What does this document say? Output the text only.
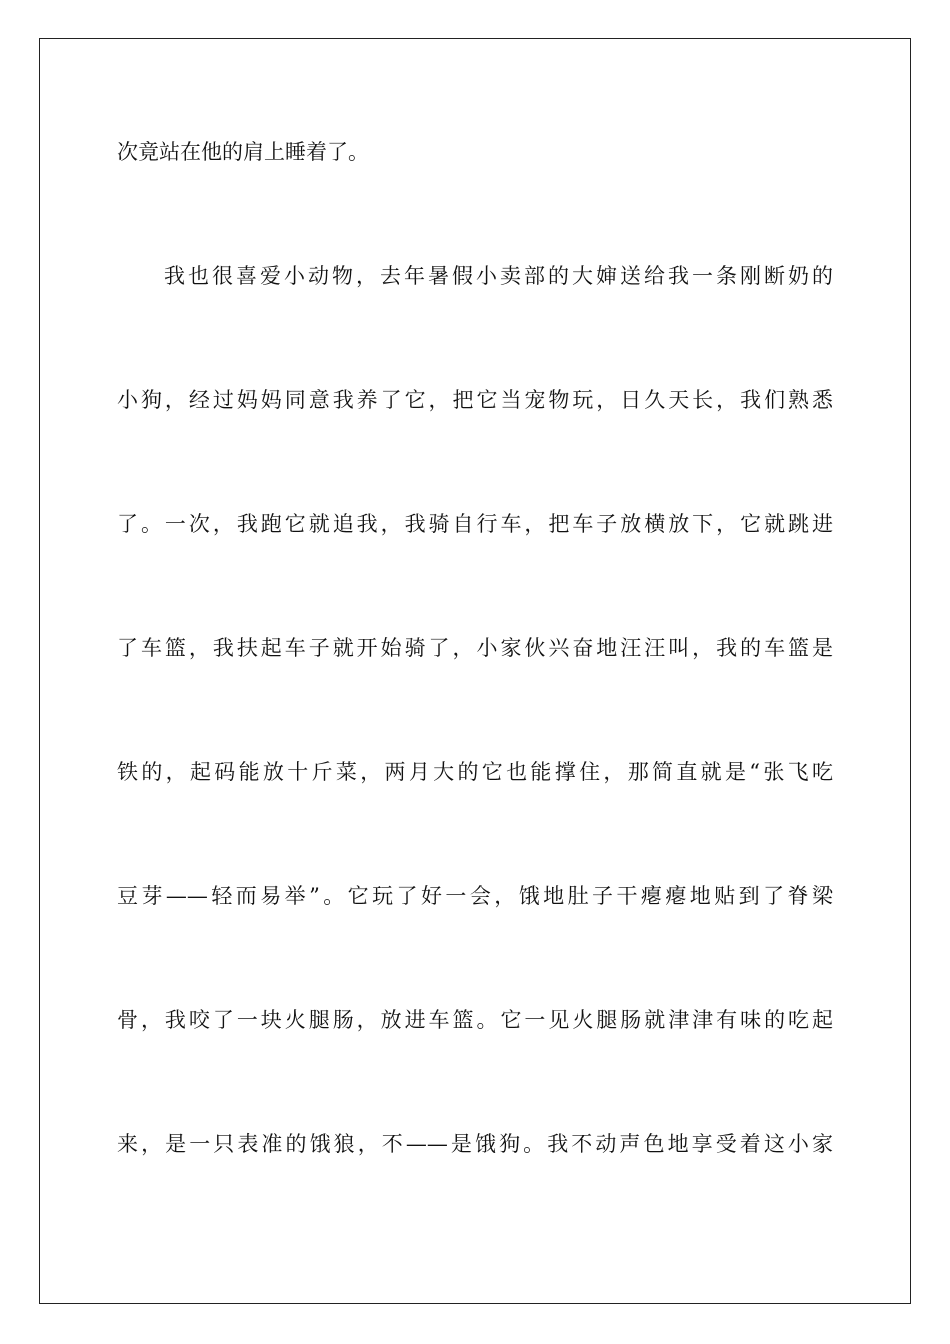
次竟站在他的肩上睡着了。
我也很喜爱小动物，去年暑假小卖部的大婶送给我一条刚断奶的
小狗，经过妈妈同意我养了它，把它当宠物玩，日久天长，我们熟悉
了。一次，我跑它就追我，我骑自行车，把车子放横放下，它就跳进
了车篮，我扶起车子就开始骑了，小家伙兴奋地汪汪叫，我的车篮是
铁的，起码能放十斤菜，两月大的它也能撑住，那简直就是“张飞吃
豆芽——轻而易举”。它玩了好一会，饿地肚子干瘪瘪地贴到了脊梁
骨，我咬了一块火腿肠，放进车篮。它一见火腿肠就津津有味的吃起
来，是一只表准的饿狼，不——是饿狗。我不动声色地享受着这小家
